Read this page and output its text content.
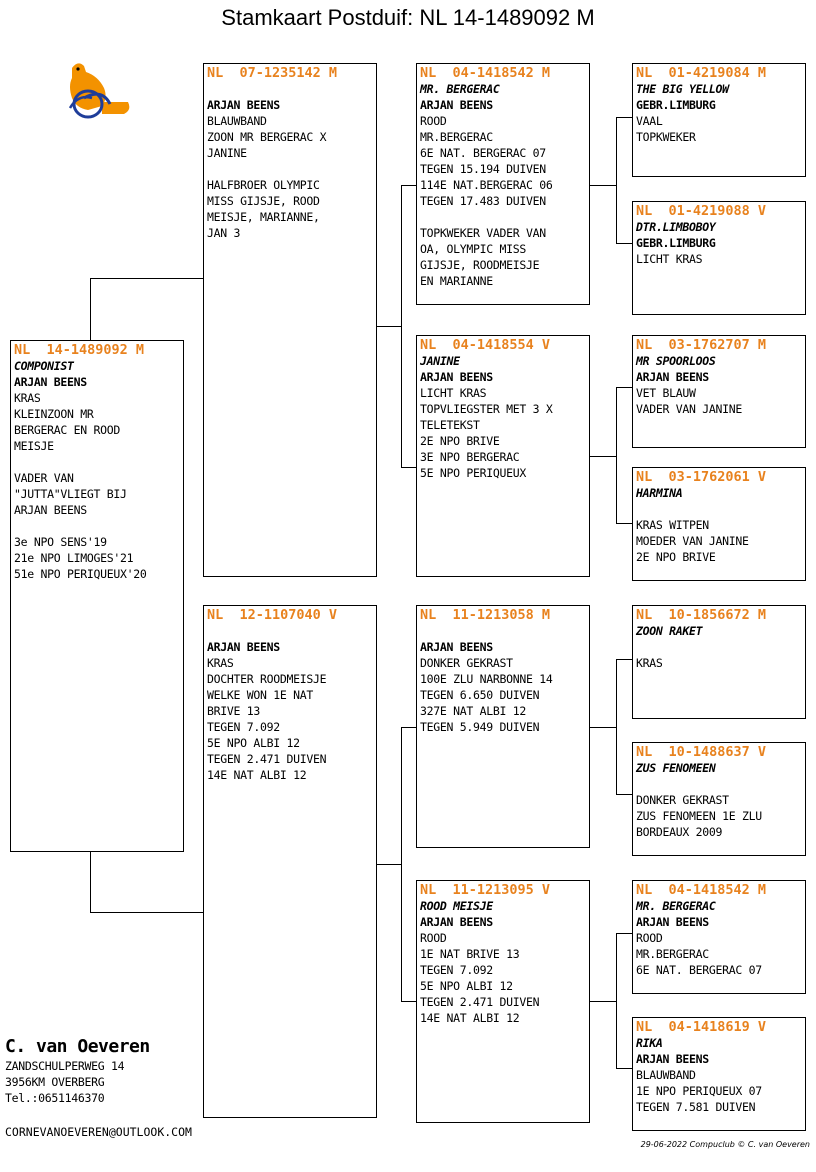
Stamkaart Postduif: NL 14-1489092 M
NL  14-1489092 M
COMPONIST
ARJAN BEENS
KRAS
KLEINZOON MR
BERGERAC EN ROOD
MEISJE

VADER VAN
"JUTTA"VLIEGT BIJ
ARJAN BEENS

3e NPO SENS'19
21e NPO LIMOGES'21
51e NPO PERIQUEUX'20
NL  07-1235142 M

ARJAN BEENS
BLAUWBAND
ZOON MR BERGERAC X
JANINE

HALFBROER OLYMPIC
MISS GIJSJE, ROOD
MEISJE, MARIANNE,
JAN 3
NL  12-1107040 V

ARJAN BEENS
KRAS
DOCHTER ROODMEISJE
WELKE WON 1E NAT
BRIVE 13
TEGEN 7.092
5E NPO ALBI 12
TEGEN 2.471 DUIVEN
14E NAT ALBI 12
NL  04-1418542 M
MR. BERGERAC
ARJAN BEENS
ROOD
MR.BERGERAC
6E NAT. BERGERAC 07
TEGEN 15.194 DUIVEN
114E NAT.BERGERAC 06
TEGEN 17.483 DUIVEN

TOPKWEKER VADER VAN
OA, OLYMPIC MISS
GIJSJE, ROODMEISJE
EN MARIANNE
NL  04-1418554 V
JANINE
ARJAN BEENS
LICHT KRAS
TOPVLIEGSTER MET 3 X
TELETEKST
2E NPO BRIVE
3E NPO BERGERAC
5E NPO PERIQUEUX
NL  11-1213058 M

ARJAN BEENS
DONKER GEKRAST
100E ZLU NARBONNE 14
TEGEN 6.650 DUIVEN
327E NAT ALBI 12
TEGEN 5.949 DUIVEN
NL  11-1213095 V
ROOD MEISJE
ARJAN BEENS
ROOD
1E NAT BRIVE 13
TEGEN 7.092
5E NPO ALBI 12
TEGEN 2.471 DUIVEN
14E NAT ALBI 12
NL  01-4219084 M
THE BIG YELLOW
GEBR.LIMBURG
VAAL
TOPKWEKER
NL  01-4219088 V
DTR.LIMBOBOY
GEBR.LIMBURG
LICHT KRAS
NL  03-1762707 M
MR SPOORLOOS
ARJAN BEENS
VET BLAUW
VADER VAN JANINE
NL  03-1762061 V
HARMINA

KRAS WITPEN
MOEDER VAN JANINE
2E NPO BRIVE
NL  10-1856672 M
ZOON RAKET

KRAS
NL  10-1488637 V
ZUS FENOMEEN

DONKER GEKRAST
ZUS FENOMEEN 1E ZLU
BORDEAUX 2009
NL  04-1418542 M
MR. BERGERAC
ARJAN BEENS
ROOD
MR.BERGERAC
6E NAT. BERGERAC 07
NL  04-1418619 V
RIKA
ARJAN BEENS
BLAUWBAND
1E NPO PERIQUEUX 07
TEGEN 7.581 DUIVEN
C. van Oeveren
ZANDSCHULPERWEG 14
3956KM OVERBERG
Tel.:0651146370
CORNEVANOEVEREN@OUTLOOK.COM
29-06-2022 Compuclub © C. van Oeveren
